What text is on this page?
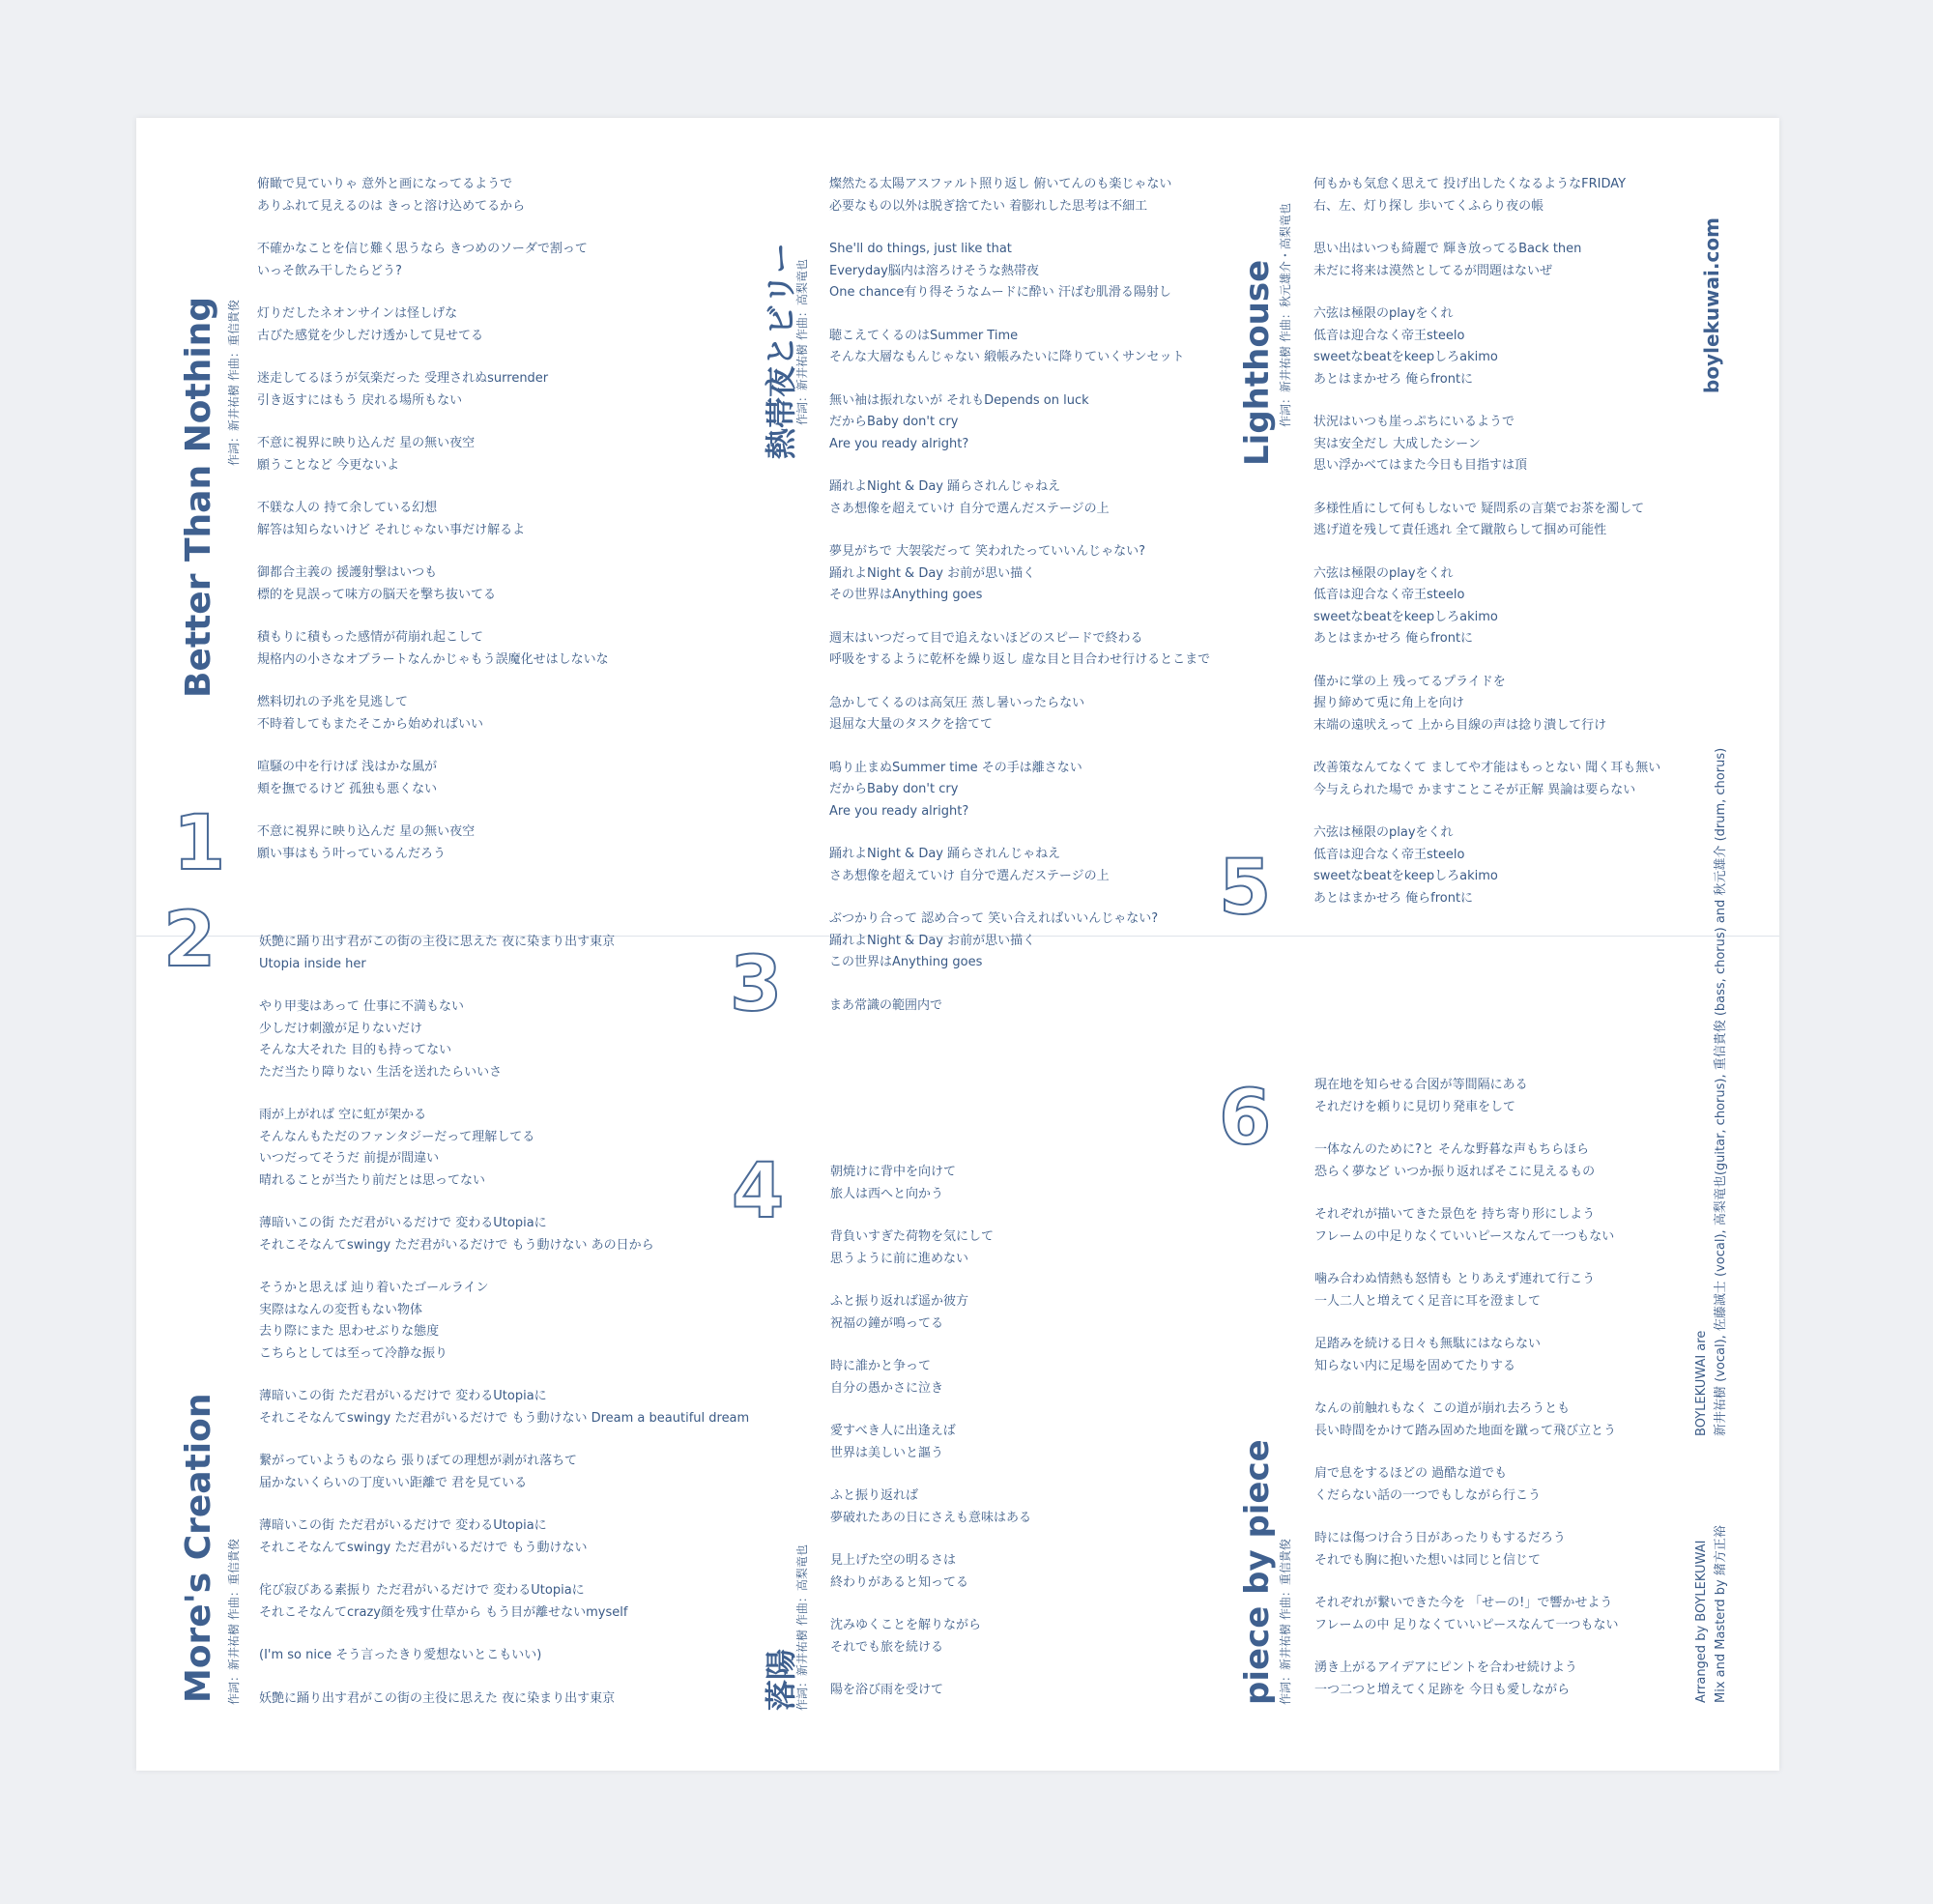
Better Than Nothing 作詞：新井祐樹 作曲：重信貴俊
1
俯瞰で見ていりゃ 意外と画になってるようで
ありふれて見えるのは きっと溶け込めてるから
不確かなことを信じ難く思うなら きつめのソーダで割って
いっそ飲み干したらどう?
灯りだしたネオンサインは怪しげな
古びた感覚を少しだけ透かして見せてる
迷走してるほうが気楽だった 受理されぬsurrender
引き返すにはもう 戻れる場所もない
不意に視界に映り込んだ 星の無い夜空
願うことなど 今更ないよ
不躾な人の 持て余している幻想
解答は知らないけど それじゃない事だけ解るよ
御都合主義の 援護射撃はいつも
標的を見誤って味方の脳天を撃ち抜いてる
積もりに積もった感情が荷崩れ起こして
規格内の小さなオブラートなんかじゃもう誤魔化せはしないな
燃料切れの予兆を見逃して
不時着してもまたそこから始めればいい
喧騒の中を行けば 浅はかな風が
頬を撫でるけど 孤独も悪くない
不意に視界に映り込んだ 星の無い夜空
願い事はもう叶っているんだろう
2
More's Creation 作詞：新井祐樹 作曲：重信貴俊
妖艶に踊り出す君がこの街の主役に思えた 夜に染まり出す東京
Utopia inside her
やり甲斐はあって 仕事に不満もない
少しだけ刺激が足りないだけ
そんな大それた 目的も持ってない
ただ当たり障りない 生活を送れたらいいさ
雨が上がれば 空に虹が架かる
そんなんもただのファンタジーだって理解してる
いつだってそうだ 前提が間違い
晴れることが当たり前だとは思ってない
薄暗いこの街 ただ君がいるだけで 変わるUtopiaに
それこそなんてswingy ただ君がいるだけで もう動けない あの日から
そうかと思えば 辿り着いたゴールライン
実際はなんの変哲もない物体
去り際にまた 思わせぶりな態度
こちらとしては至って冷静な振り
薄暗いこの街 ただ君がいるだけで 変わるUtopiaに
それこそなんてswingy ただ君がいるだけで もう動けない Dream a beautiful dream
繋がっていようものなら 張りぼての理想が剥がれ落ちて
届かないくらいの丁度いい距離で 君を見ている
薄暗いこの街 ただ君がいるだけで 変わるUtopiaに
それこそなんてswingy ただ君がいるだけで もう動けない
侘び寂びある素振り ただ君がいるだけで 変わるUtopiaに
それこそなんてcrazy顔を残す仕草から もう目が離せないmyself
(I'm so nice そう言ったきり愛想ないとこもいい)
妖艶に踊り出す君がこの街の主役に思えた 夜に染まり出す東京
熱帯夜とビリー
作詞：新井祐樹 作曲：高梨竜也
3
燦然たる太陽アスファルト照り返し 俯いてんのも楽じゃない
必要なもの以外は脱ぎ捨てたい 着膨れした思考は不細工
She'll do things, just like that
Everyday脳内は溶ろけそうな熱帯夜
One chance有り得そうなムードに酔い 汗ばむ肌滑る陽射し
聴こえてくるのはSummer Time
そんな大層なもんじゃない 緞帳みたいに降りていくサンセット
無い袖は振れないが それもDepends on luck
だからBaby don't cry
Are you ready alright?
踊れよNight & Day 踊らされんじゃねえ
さあ想像を超えていけ 自分で選んだステージの上
夢見がちで 大袈裟だって 笑われたっていいんじゃない?
踊れよNight & Day お前が思い描く
その世界はAnything goes
週末はいつだって目で追えないほどのスピードで終わる
呼吸をするように乾杯を繰り返し 虚な目と目合わせ行けるとこまで
急かしてくるのは高気圧 蒸し暑いったらない
退屈な大量のタスクを捨てて
鳴り止まぬSummer time その手は離さない
だからBaby don't cry
Are you ready alright?
踊れよNight & Day 踊らされんじゃねえ
さあ想像を超えていけ 自分で選んだステージの上
ぶつかり合って 認め合って 笑い合えればいいんじゃない?
踊れよNight & Day お前が思い描く
この世界はAnything goes
まあ常識の範囲内で
4
落陽
作詞：新井祐樹 作曲：高梨竜也
朝焼けに背中を向けて
旅人は西へと向かう
背負いすぎた荷物を気にして
思うように前に進めない
ふと振り返れば遥か彼方
祝福の鐘が鳴ってる
時に誰かと争って
自分の愚かさに泣き
愛すべき人に出逢えば
世界は美しいと謳う
ふと振り返れば
夢破れたあの日にさえも意味はある
見上げた空の明るさは
終わりがあると知ってる
沈みゆくことを解りながら
それでも旅を続ける
陽を浴び雨を受けて
Lighthouse 作詞：新井祐樹 作曲：秋元雄介・高梨竜也
5
何もかも気怠く思えて 投げ出したくなるようなFRIDAY
右、左、灯り探し 歩いてくふらり夜の帳
思い出はいつも綺麗で 輝き放ってるBack then
未だに将来は漠然としてるが問題はないぜ
六弦は極限のplayをくれ
低音は迎合なく帝王steelo
sweetなbeatをkeepしろakimo
あとはまかせろ 俺らfrontに
状況はいつも崖っぷちにいるようで
実は安全だし 大成したシーン
思い浮かべてはまた今日も目指すは頂
多様性盾にして何もしないで 疑問系の言葉でお茶を濁して
逃げ道を残して責任逃れ 全て蹴散らして掴め可能性
六弦は極限のplayをくれ
低音は迎合なく帝王steelo
sweetなbeatをkeepしろakimo
あとはまかせろ 俺らfrontに
僅かに掌の上 残ってるプライドを
握り締めて兎に角上を向け
末端の遠吠えって 上から目線の声は捻り潰して行け
改善策なんてなくて ましてや才能はもっとない 聞く耳も無い
今与えられた場で かますことこそが正解 異論は要らない
六弦は極限のplayをくれ
低音は迎合なく帝王steelo
sweetなbeatをkeepしろakimo
あとはまかせろ 俺らfrontに
6
piece by piece 作詞：新井祐樹 作曲：重信貴俊
現在地を知らせる合図が等間隔にある
それだけを頼りに見切り発車をして
一体なんのために?と そんな野暮な声もちらほら
恐らく夢など いつか振り返ればそこに見えるもの
それぞれが描いてきた景色を 持ち寄り形にしよう
フレームの中足りなくていいピースなんて一つもない
噛み合わぬ情熱も怒情も とりあえず連れて行こう
一人二人と増えてく足音に耳を澄まして
足踏みを続ける日々も無駄にはならない
知らない内に足場を固めてたりする
なんの前触れもなく この道が崩れ去ろうとも
長い時間をかけて踏み固めた地面を蹴って飛び立とう
肩で息をするほどの 過酷な道でも
くだらない話の一つでもしながら行こう
時には傷つけ合う日があったりもするだろう
それでも胸に抱いた想いは同じと信じて
それぞれが繋いできた今を 「せーの!」で響かせよう
フレームの中 足りなくていいピースなんて一つもない
湧き上がるアイデアにピントを合わせ続けよう
一つ二つと増えてく足跡を 今日も愛しながら
boylekuwai.com
BOYLEKUWAI are 新井祐樹 (vocal), 佐藤誠士 (vocal), 高梨竜也(guitar, chorus), 重信貴俊 (bass, chorus) and 秋元雄介 (drum, chorus)
Arranged by BOYLEKUWAI Mix and Masterd by 緒方正裕
